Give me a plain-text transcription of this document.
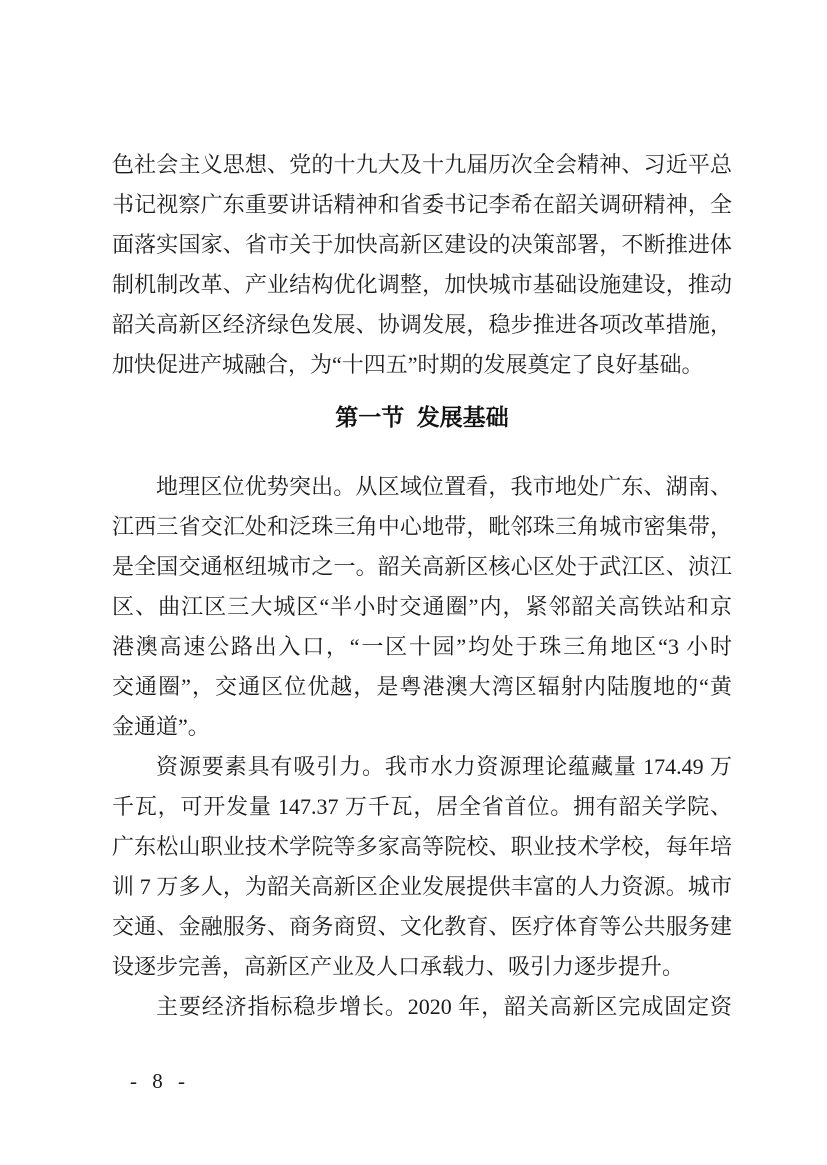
色社会主义思想、党的十九大及十九届历次全会精神、习近平总
书记视察广东重要讲话精神和省委书记李希在韶关调研精神，全
面落实国家、省市关于加快高新区建设的决策部署，不断推进体
制机制改革、产业结构优化调整，加快城市基础设施建设，推动
韶关高新区经济绿色发展、协调发展，稳步推进各项改革措施，
加快促进产城融合，为“十四五”时期的发展奠定了良好基础。
第一节 发展基础
地理区位优势突出。从区域位置看，我市地处广东、湖南、
江西三省交汇处和泛珠三角中心地带，毗邻珠三角城市密集带，
是全国交通枢纽城市之一。韶关高新区核心区处于武江区、浈江
区、曲江区三大城区“半小时交通圈”内，紧邻韶关高铁站和京
港澳高速公路出入口，“一区十园”均处于珠三角地区“3 小时
交通圈”，交通区位优越，是粤港澳大湾区辐射内陆腹地的“黄
金通道”。
资源要素具有吸引力。我市水力资源理论蕴藏量 174.49 万
千瓦，可开发量 147.37 万千瓦，居全省首位。拥有韶关学院、
广东松山职业技术学院等多家高等院校、职业技术学校，每年培
训 7 万多人，为韶关高新区企业发展提供丰富的人力资源。城市
交通、金融服务、商务商贸、文化教育、医疗体育等公共服务建
设逐步完善，高新区产业及人口承载力、吸引力逐步提升。
主要经济指标稳步增长。2020 年，韶关高新区完成固定资
- 8 -
